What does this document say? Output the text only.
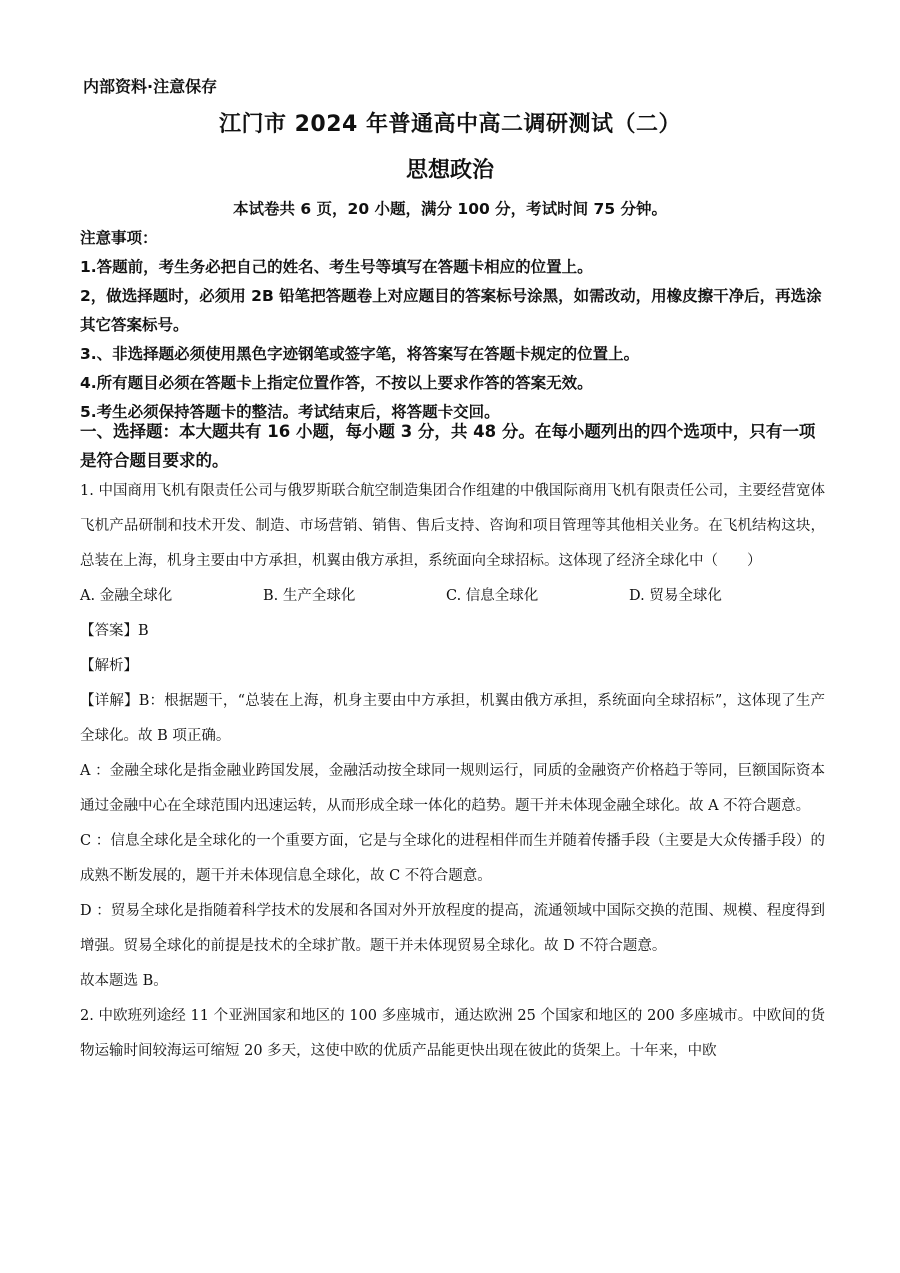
内部资料·注意保存
江门市 2024 年普通高中高二调研测试（二）
思想政治
本试卷共 6 页，20 小题，满分 100 分，考试时间 75 分钟。
注意事项：
1.答题前，考生务必把自己的姓名、考生号等填写在答题卡相应的位置上。
2，做选择题时，必须用 2B 铅笔把答题卷上对应题目的答案标号涂黑，如需改动，用橡皮擦干净后，再选涂其它答案标号。
3.、非选择题必须使用黑色字迹钢笔或签字笔，将答案写在答题卡规定的位置上。
4.所有题目必须在答题卡上指定位置作答，不按以上要求作答的答案无效。
5.考生必须保持答题卡的整洁。考试结束后，将答题卡交回。
一、选择题：本大题共有 16 小题，每小题 3 分，共 48 分。在每小题列出的四个选项中，只有一项是符合题目要求的。

1. 中国商用飞机有限责任公司与俄罗斯联合航空制造集团合作组建的中俄国际商用飞机有限责任公司，主要经营宽体飞机产品研制和技术开发、制造、市场营销、销售、售后支持、咨询和项目管理等其他相关业务。在飞机结构这块，总装在上海，机身主要由中方承担，机翼由俄方承担，系统面向全球招标。这体现了经济全球化中（　　）

A. 金融全球化	B. 生产全球化	C. 信息全球化	D. 贸易全球化

【答案】B

【解析】

【详解】B：根据题干，“总装在上海，机身主要由中方承担，机翼由俄方承担，系统面向全球招标”，这体现了生产全球化。故 B 项正确。

A ：金融全球化是指金融业跨国发展，金融活动按全球同一规则运行，同质的金融资产价格趋于等同，巨额国际资本通过金融中心在全球范围内迅速运转，从而形成全球一体化的趋势。题干并未体现金融全球化。故 A 不符合题意。

C ：信息全球化是全球化的一个重要方面，它是与全球化的进程相伴而生并随着传播手段（主要是大众传播手段）的成熟不断发展的，题干并未体现信息全球化，故 C 不符合题意。

D ：贸易全球化是指随着科学技术的发展和各国对外开放程度的提高，流通领域中国际交换的范围、规模、程度得到增强。贸易全球化的前提是技术的全球扩散。题干并未体现贸易全球化。故 D 不符合题意。

故本题选 B。

2. 中欧班列途经 11 个亚洲国家和地区的 100 多座城市，通达欧洲 25 个国家和地区的 200 多座城市。中欧间的货物运输时间较海运可缩短 20 多天，这使中欧的优质产品能更快出现在彼此的货架上。十年来，中欧
